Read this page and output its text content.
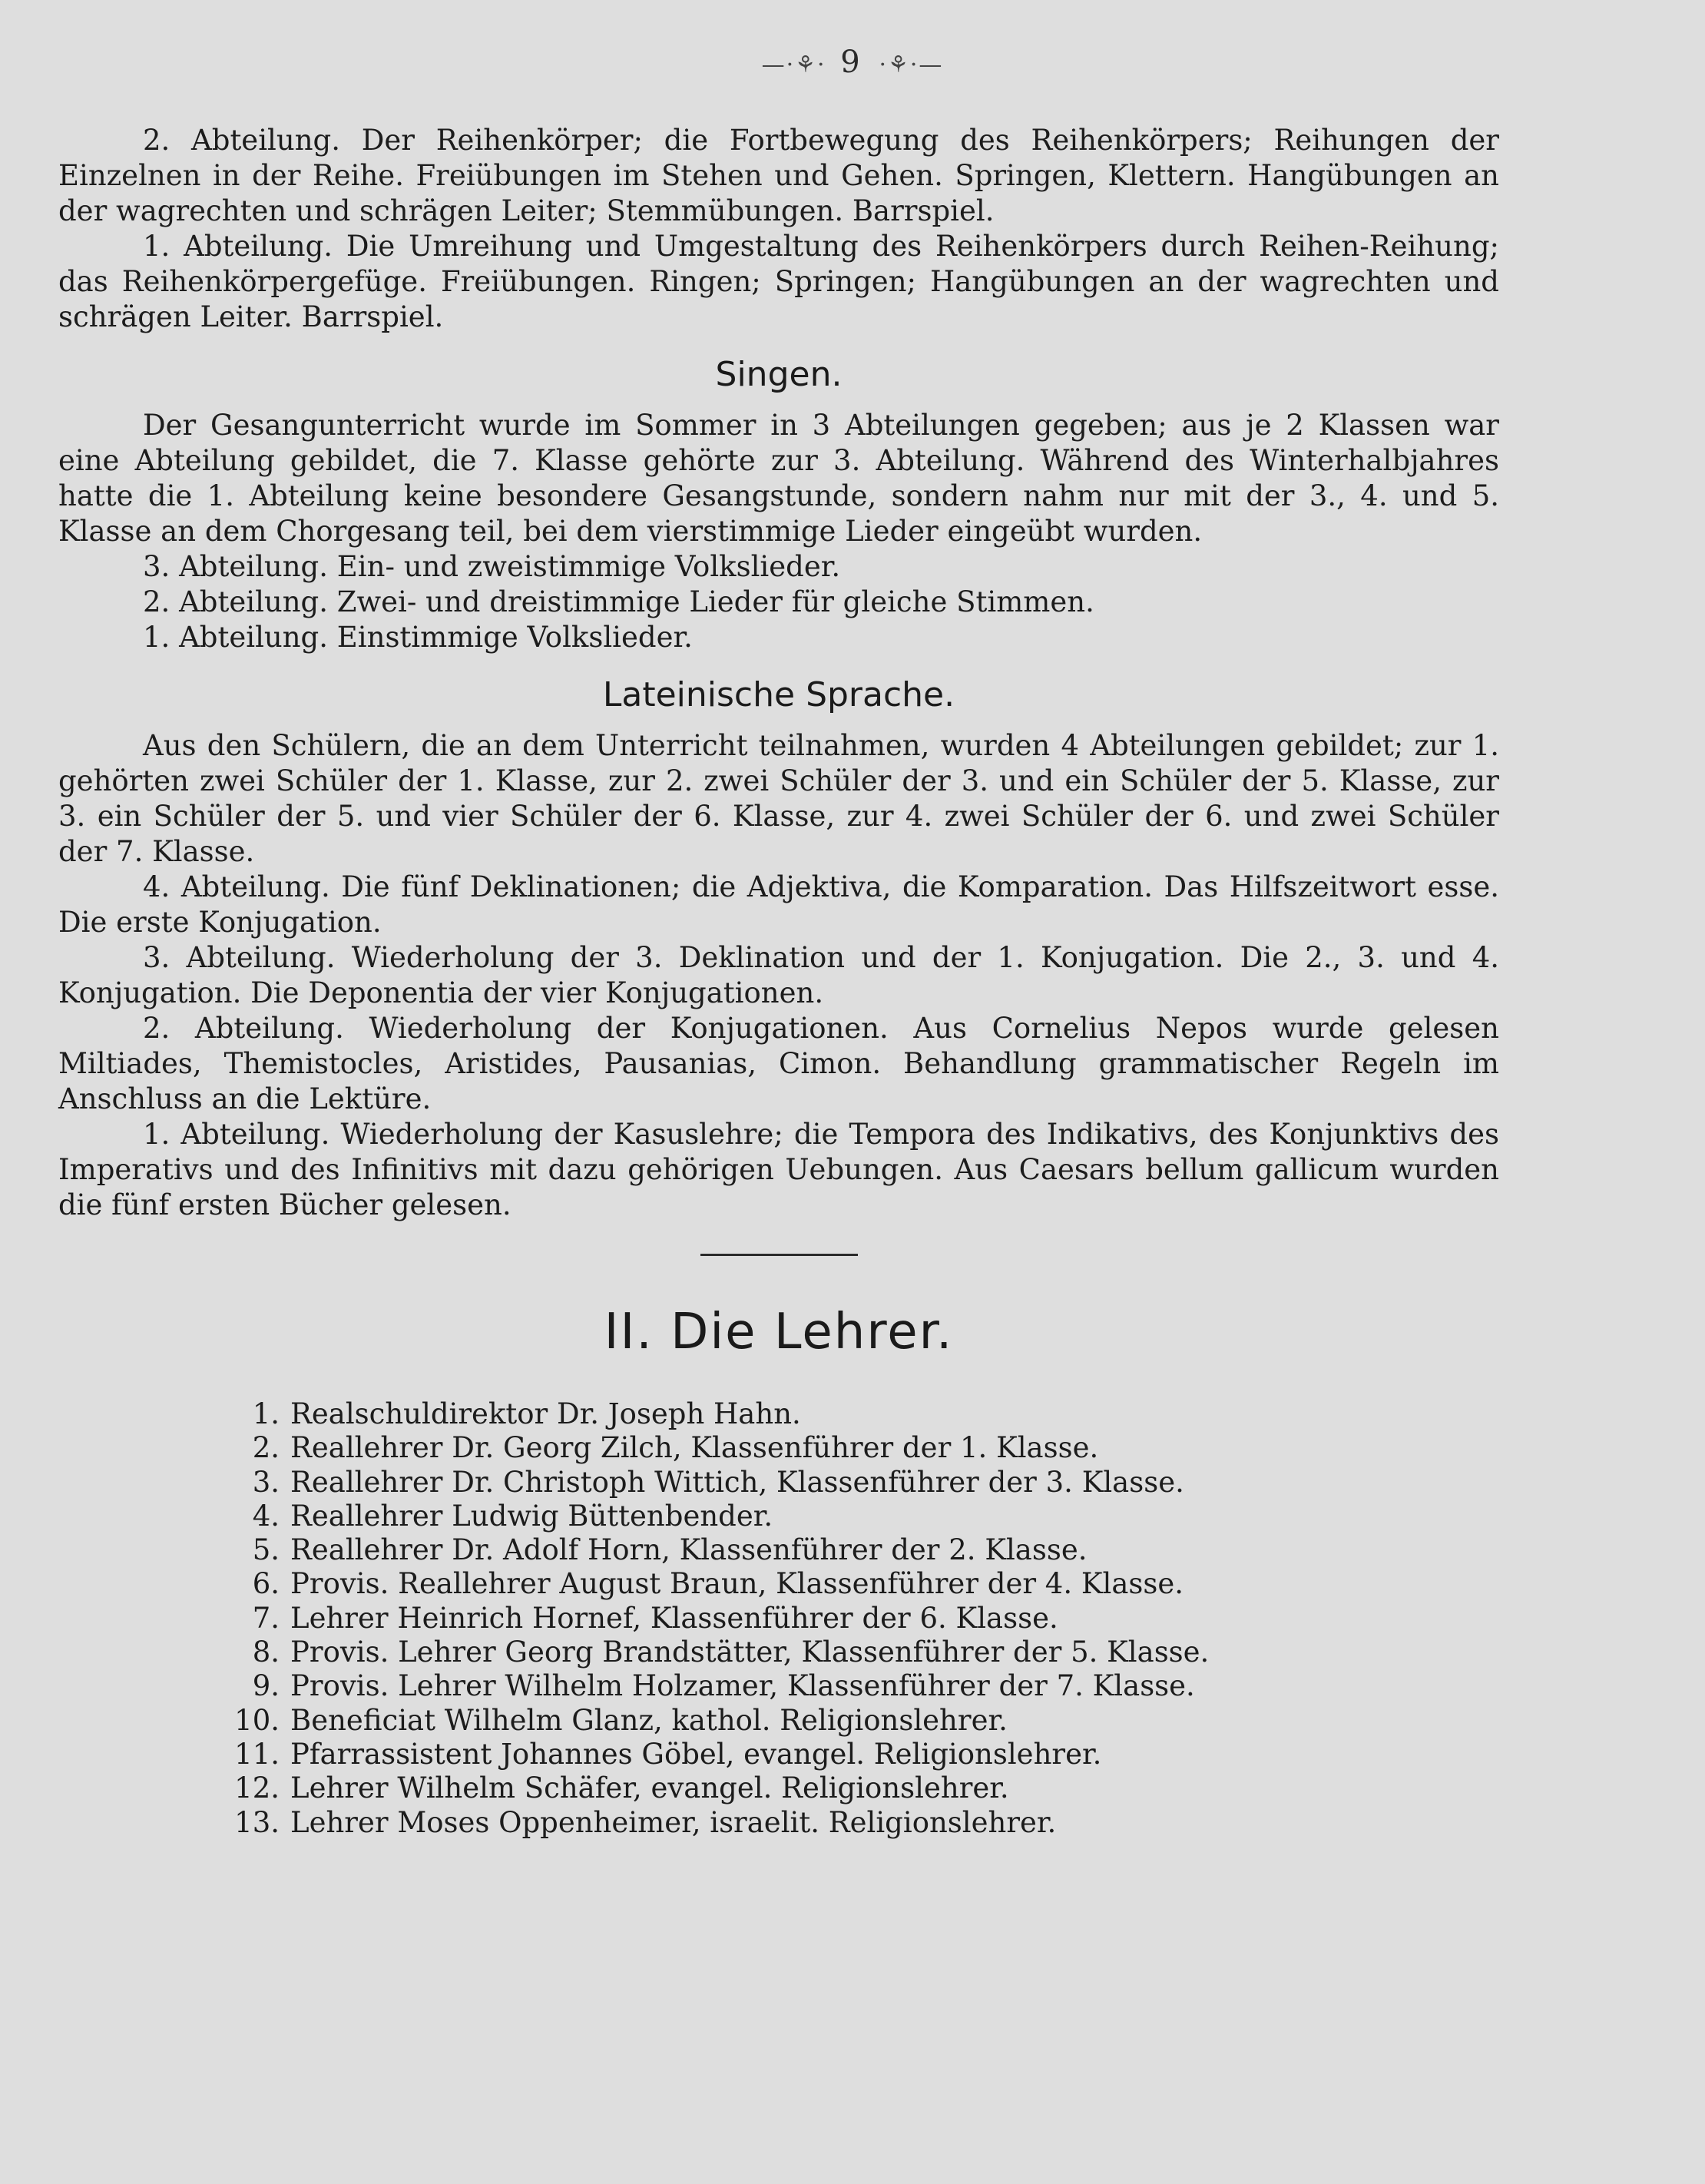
—·⚘· 9 ·⚘·—

2. Abteilung. Der Reihenkörper; die Fortbewegung des Reihenkörpers; Reihungen der Einzelnen in der Reihe. Freiübungen im Stehen und Gehen. Springen, Klettern. Hangübungen an der wagrechten und schrägen Leiter; Stemmübungen. Barrspiel.

1. Abteilung. Die Umreihung und Umgestaltung des Reihenkörpers durch Reihen-Reihung; das Reihenkörpergefüge. Freiübungen. Ringen; Springen; Hangübungen an der wagrechten und schrägen Leiter. Barrspiel.

Singen.

Der Gesangunterricht wurde im Sommer in 3 Abteilungen gegeben; aus je 2 Klassen war eine Abteilung gebildet, die 7. Klasse gehörte zur 3. Abteilung. Während des Winterhalbjahres hatte die 1. Abteilung keine besondere Gesangstunde, sondern nahm nur mit der 3., 4. und 5. Klasse an dem Chorgesang teil, bei dem vierstimmige Lieder eingeübt wurden.

3. Abteilung. Ein- und zweistimmige Volkslieder.

2. Abteilung. Zwei- und dreistimmige Lieder für gleiche Stimmen.

1. Abteilung. Einstimmige Volkslieder.

Lateinische Sprache.

Aus den Schülern, die an dem Unterricht teilnahmen, wurden 4 Abteilungen gebildet; zur 1. gehörten zwei Schüler der 1. Klasse, zur 2. zwei Schüler der 3. und ein Schüler der 5. Klasse, zur 3. ein Schüler der 5. und vier Schüler der 6. Klasse, zur 4. zwei Schüler der 6. und zwei Schüler der 7. Klasse.

4. Abteilung. Die fünf Deklinationen; die Adjektiva, die Komparation. Das Hilfszeitwort esse. Die erste Konjugation.

3. Abteilung. Wiederholung der 3. Deklination und der 1. Konjugation. Die 2., 3. und 4. Konjugation. Die Deponentia der vier Konjugationen.

2. Abteilung. Wiederholung der Konjugationen. Aus Cornelius Nepos wurde gelesen Miltiades, Themistocles, Aristides, Pausanias, Cimon. Behandlung grammatischer Regeln im Anschluss an die Lektüre.

1. Abteilung. Wiederholung der Kasuslehre; die Tempora des Indikativs, des Konjunktivs des Imperativs und des Infinitivs mit dazu gehörigen Uebungen. Aus Caesars bellum gallicum wurden die fünf ersten Bücher gelesen.

II. Die Lehrer.
1. Realschuldirektor Dr. Joseph Hahn.
2. Reallehrer Dr. Georg Zilch, Klassenführer der 1. Klasse.
3. Reallehrer Dr. Christoph Wittich, Klassenführer der 3. Klasse.
4. Reallehrer Ludwig Büttenbender.
5. Reallehrer Dr. Adolf Horn, Klassenführer der 2. Klasse.
6. Provis. Reallehrer August Braun, Klassenführer der 4. Klasse.
7. Lehrer Heinrich Hornef, Klassenführer der 6. Klasse.
8. Provis. Lehrer Georg Brandstätter, Klassenführer der 5. Klasse.
9. Provis. Lehrer Wilhelm Holzamer, Klassenführer der 7. Klasse.
10. Beneficiat Wilhelm Glanz, kathol. Religionslehrer.
11. Pfarrassistent Johannes Göbel, evangel. Religionslehrer.
12. Lehrer Wilhelm Schäfer, evangel. Religionslehrer.
13. Lehrer Moses Oppenheimer, israelit. Religionslehrer.
